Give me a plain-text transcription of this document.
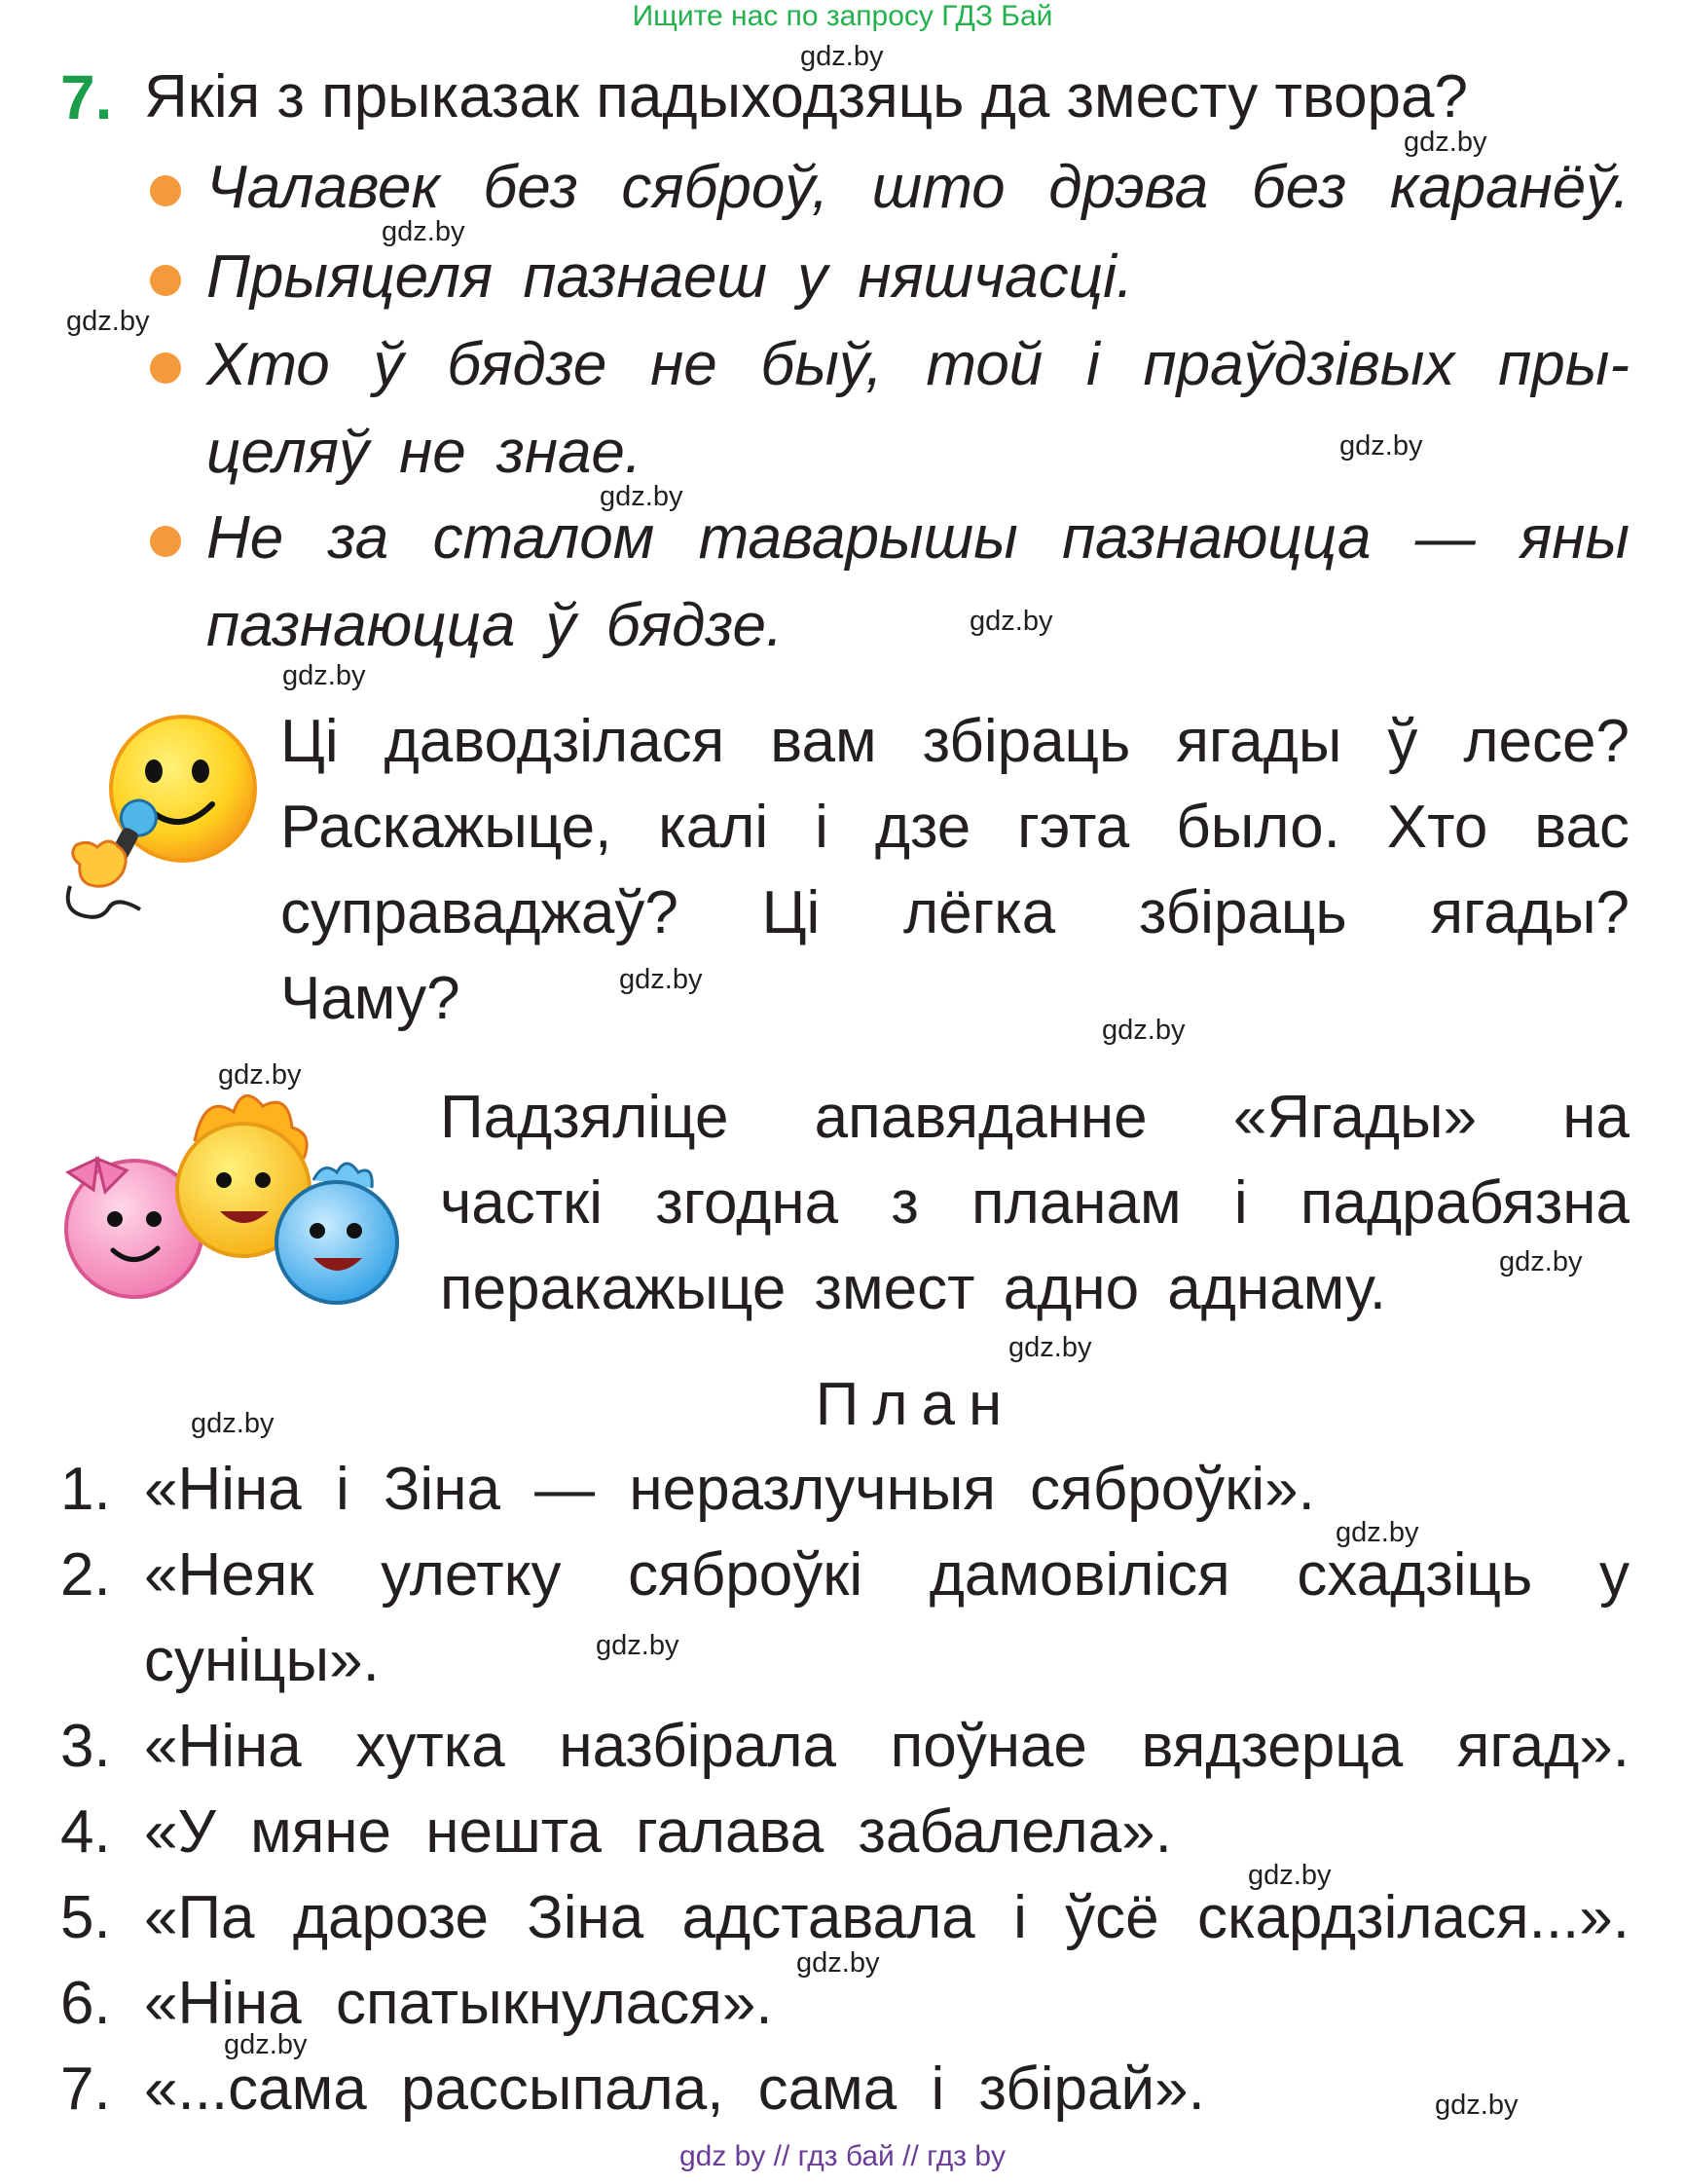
Ищите нас по запросу ГДЗ Бай
gdz.by
gdz.by
gdz.by
gdz.by
gdz.by
gdz.by
gdz.by
gdz.by
gdz.by
gdz.by
gdz.by
gdz.by
gdz.by
gdz.by
gdz.by
gdz.by
gdz.by
gdz.by
gdz.by
gdz.by
7. Якія з прыказак падыходзяць да зместу твора?
Чалавек без сяброў, што дрэва без каранёў.
Прыяцеля пазнаеш у няшчасці.
Хто ў бядзе не быў, той і праўдзівых пры-
целяў не знае.
Не за сталом таварышы пазнаюцца — яны
пазнаюцца ў бядзе.
Ці даводзілася вам збіраць ягады ў лесе?
Раскажыце, калі і дзе гэта было. Хто вас
суправаджаў? Ці лёгка збіраць ягады?
Чаму?
Падзяліце апавяданне «Ягады» на
часткі згодна з планам і падрабязна
перакажыце змест адно аднаму.
План
1. «Ніна і Зіна — неразлучныя сяброўкі».
2. «Неяк улетку сяброўкі дамовіліся схадзіць у
суніцы».
3. «Ніна хутка назбірала поўнае вядзерца ягад».
4. «У мяне нешта галава забалела».
5. «Па дарозе Зіна адставала і ўсё скардзілася...».
6. «Ніна спатыкнулася».
7. «...сама рассыпала, сама і збірай».
gdz by // гдз бай // гдз by
